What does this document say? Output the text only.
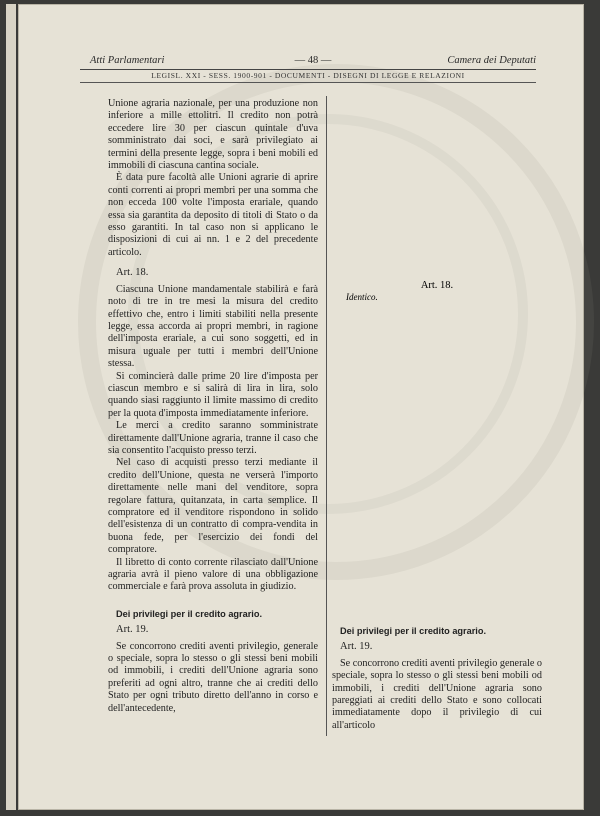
Atti Parlamentari	— 48 —	Camera dei Deputati
LEGISL. XXI - SESS. 1900-901 - DOCUMENTI - DISEGNI DI LEGGE E RELAZIONI

Unione agraria nazionale, per una produzione non inferiore a mille ettolitri. Il credito non potrà eccedere lire 30 per ciascun quintale d'uva somministrato dai soci, e sarà privilegiato ai termini della presente legge, sopra i beni mobili ed immobili di ciascuna cantina sociale.

È data pure facoltà alle Unioni agrarie di aprire conti correnti ai propri membri per una somma che non ecceda 100 volte l'imposta erariale, quando essa sia garantita da deposito di titoli di Stato o da esso garantiti. In tal caso non si applicano le disposizioni di cui ai nn. 1 e 2 del precedente articolo.

Art. 18.

Ciascuna Unione mandamentale stabilirà e farà noto di tre in tre mesi la misura del credito effettivo che, entro i limiti stabiliti nella presente legge, essa accorda ai propri membri, in ragione dell'imposta erariale, a cui sono soggetti, ed in misura uguale per tutti i membri dell'Unione stessa.

Si comincierà dalle prime 20 lire d'imposta per ciascun membro e si salirà di lira in lira, solo quando siasi raggiunto il limite massimo di credito per la quota d'imposta immediatamente inferiore.

Le merci a credito saranno somministrate direttamente dall'Unione agraria, tranne il caso che sia consentito l'acquisto presso terzi.

Nel caso di acquisti presso terzi mediante il credito dell'Unione, questa ne verserà l'importo direttamente nelle mani del venditore, sopra regolare fattura, quitanzata, in carta semplice. Il compratore ed il venditore rispondono in solido dell'esistenza di un contratto di compra-vendita in buona fede, per l'esercizio dei fondi del compratore.

Il libretto di conto corrente rilasciato dall'Unione agraria avrà il pieno valore di una obbligazione commerciale e farà prova assoluta in giudizio.

Dei privilegi per il credito agrario.

Art. 19.

Se concorrono crediti aventi privilegio, generale o speciale, sopra lo stesso o gli stessi beni mobili od immobili, i crediti dell'Unione agraria sono preferiti ad ogni altro, tranne che ai crediti dello Stato per ogni tributo diretto dell'anno in corso e dell'antecedente,

Art. 18.

Identico.

Dei privilegi per il credito agrario.

Art. 19.

Se concorrono crediti aventi privilegio generale o speciale, sopra lo stesso o gli stessi beni mobili od immobili, i crediti dell'Unione agraria sono pareggiati ai crediti dello Stato e sono collocati immediatamente dopo il privilegio di cui all'articolo
